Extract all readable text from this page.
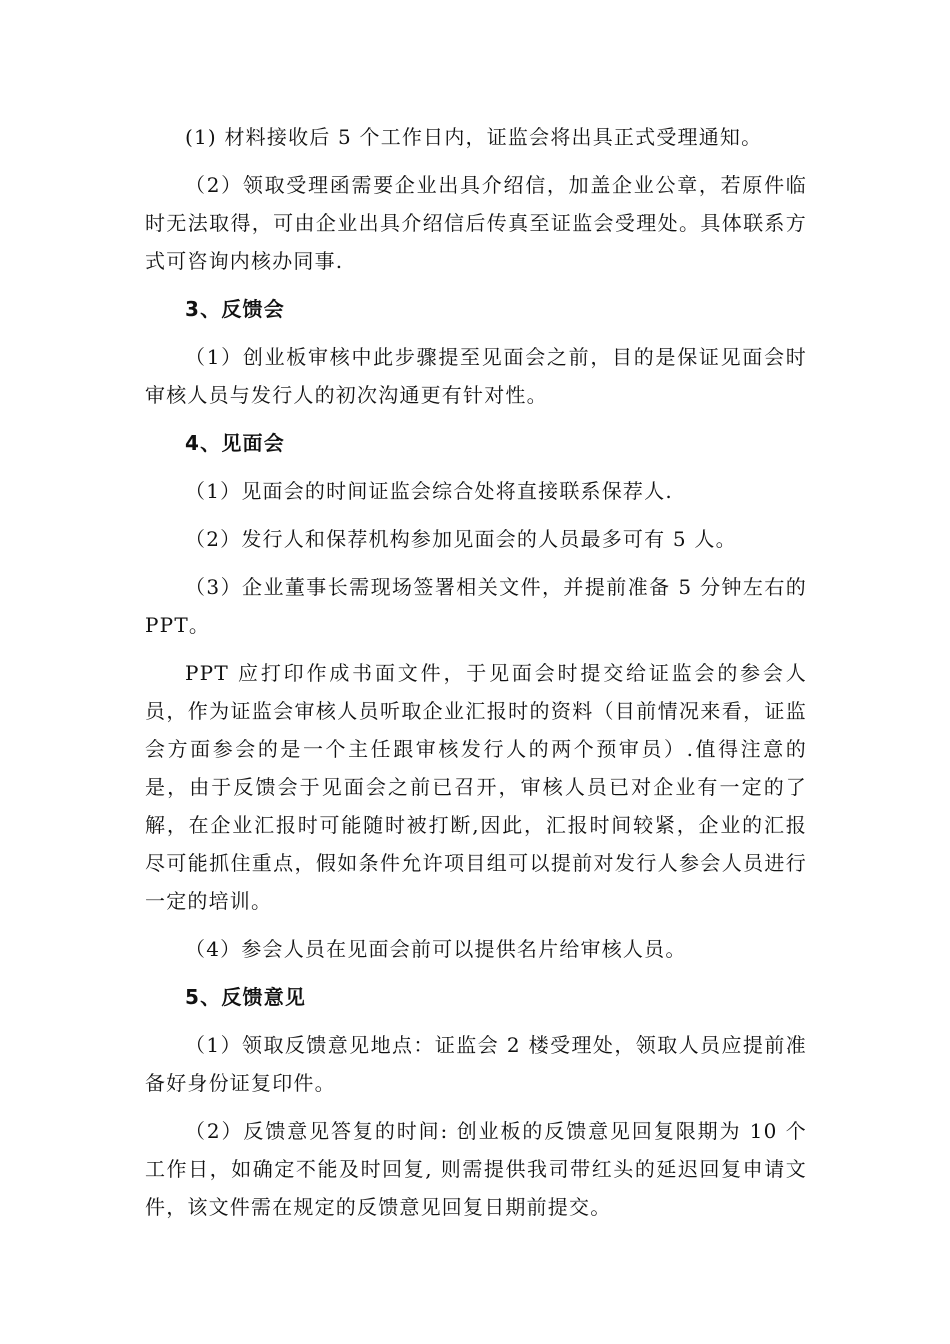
(1) 材料接收后 5 个工作日内，证监会将出具正式受理通知。

（2）领取受理函需要企业出具介绍信，加盖企业公章，若原件临时无法取得，可由企业出具介绍信后传真至证监会受理处。具体联系方式可咨询内核办同事.

3、反馈会

（1）创业板审核中此步骤提至见面会之前，目的是保证见面会时审核人员与发行人的初次沟通更有针对性。

4、见面会

（1）见面会的时间证监会综合处将直接联系保荐人.

（2）发行人和保荐机构参加见面会的人员最多可有 5 人。

（3）企业董事长需现场签署相关文件，并提前准备 5 分钟左右的 PPT。

PPT 应打印作成书面文件，于见面会时提交给证监会的参会人员，作为证监会审核人员听取企业汇报时的资料（目前情况来看，证监会方面参会的是一个主任跟审核发行人的两个预审员）.值得注意的是，由于反馈会于见面会之前已召开，审核人员已对企业有一定的了解，在企业汇报时可能随时被打断,因此，汇报时间较紧，企业的汇报尽可能抓住重点，假如条件允许项目组可以提前对发行人参会人员进行一定的培训。

（4）参会人员在见面会前可以提供名片给审核人员。

5、反馈意见

（1）领取反馈意见地点：证监会 2 楼受理处，领取人员应提前准备好身份证复印件。

（2）反馈意见答复的时间: 创业板的反馈意见回复限期为 10 个工作日，如确定不能及时回复, 则需提供我司带红头的延迟回复申请文件，该文件需在规定的反馈意见回复日期前提交。
